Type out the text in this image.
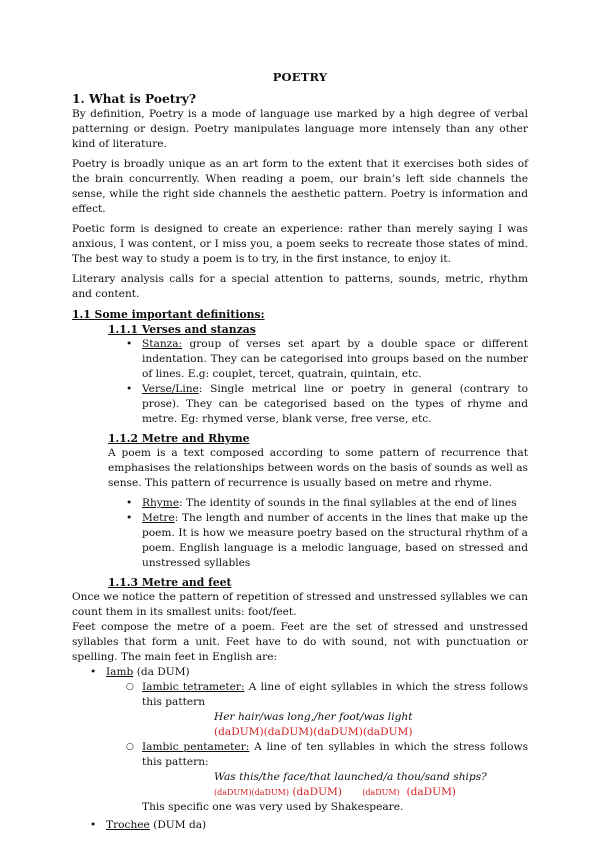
POETRY
1. What is Poetry?

By definition, Poetry is a mode of language use marked by a high degree of verbal patterning or design. Poetry manipulates language more intensely than any other kind of literature.

Poetry is broadly unique as an art form to the extent that it exercises both sides of the brain concurrently. When reading a poem, our brain’s left side channels the sense, while the right side channels the aesthetic pattern. Poetry is information and effect.

Poetic form is designed to create an experience: rather than merely saying I was anxious, I was content, or I miss you, a poem seeks to recreate those states of mind. The best way to study a poem is to try, in the first instance, to enjoy it.

Literary analysis calls for a special attention to patterns, sounds, metric, rhythm and content.

1.1 Some important definitions:
1.1.1 Verses and stanzas
• Stanza: group of verses set apart by a double space or different indentation. They can be categorised into groups based on the number of lines. E.g: couplet, tercet, quatrain, quintain, etc.
• Verse/Line: Single metrical line or poetry in general (contrary to prose). They can be categorised based on the types of rhyme and metre. Eg: rhymed verse, blank verse, free verse, etc.
1.1.2 Metre and Rhyme

A poem is a text composed according to some pattern of recurrence that emphasises the relationships between words on the basis of sounds as well as sense. This pattern of recurrence is usually based on metre and rhyme.

• Rhyme: The identity of sounds in the final syllables at the end of lines
• Metre: The length and number of accents in the lines that make up the poem. It is how we measure poetry based on the structural rhythm of a poem. English language is a melodic language, based on stressed and unstressed syllables
1.1.3 Metre and feet

Once we notice the pattern of repetition of stressed and unstressed syllables we can count them in its smallest units: foot/feet.

Feet compose the metre of a poem. Feet are the set of stressed and unstressed syllables that form a unit. Feet have to do with sound, not with punctuation or spelling. The main feet in English are:

• Iamb (da DUM)
○ Iambic tetrameter: A line of eight syllables in which the stress follows this pattern
Her hair/was long,/her foot/was light
(daDUM)(daDUM)(daDUM)(daDUM)
○ Iambic pentameter: A line of ten syllables in which the stress follows this pattern:
Was this/the face/that launched/a thou/sand ships?
(daDUM)(daDUM) (daDUM)	(daDUM) (daDUM)
This specific one was very used by Shakespeare.
• Trochee (DUM da)
